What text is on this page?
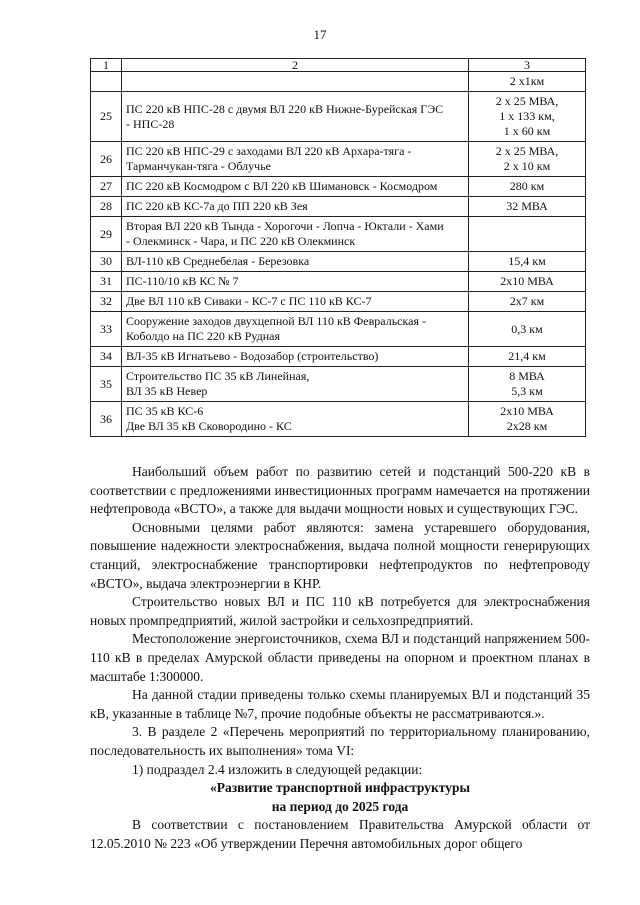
17
1	2	3

		2 х1км

25	ПС 220 кВ НПС-28 с двумя ВЛ 220 кВ Нижне-Бурейская ГЭС
- НПС-28	2 х 25 МВА,
1 х 133 км,
1 х 60 км

26	ПС 220 кВ НПС-29 с заходами ВЛ 220 кВ Архара-тяга -
Тарманчукан-тяга - Облучье	2 х 25 МВА,
2 х 10 км

27	ПС 220 кВ Космодром с ВЛ 220 кВ Шимановск - Космодром	280 км

28	ПС 220 кВ КС-7а до ПП 220 кВ Зея	32 МВА

29	Вторая ВЛ 220 кВ Тында - Хорогочи - Лопча - Юктали - Хами
- Олекминск - Чара, и ПС 220 кВ Олекминск	

30	ВЛ-110 кВ Среднебелая - Березовка	15,4 км

31	ПС-110/10 кВ КС № 7	2х10 МВА

32	Две ВЛ 110 кВ Сиваки - КС-7 с ПС 110 кВ КС-7	2х7 км

33	Сооружение заходов двухцепной ВЛ 110 кВ Февральская -
Коболдо на ПС 220 кВ Рудная	0,3 км

34	ВЛ-35 кВ Игнатьево - Водозабор (строительство)	21,4 км

35	Строительство ПС 35 кВ Линейная,
ВЛ 35 кВ Невер	8 МВА
5,3 км

36	ПС 35 кВ КС-6
Две ВЛ 35 кВ Сковородино - КС	2х10 МВА
2х28 км

Наибольший объем работ по развитию сетей и подстанций 500-220 кВ в соответствии с предложениями инвестиционных программ намечается на протяжении нефтепровода «ВСТО», а также для выдачи мощности новых и существующих ГЭС.

Основными целями работ являются: замена устаревшего оборудования, повышение надежности электроснабжения, выдача полной мощности генерирующих станций, электроснабжение транспортировки нефтепродуктов по нефтепроводу «ВСТО», выдача электроэнергии в КНР.

Строительство новых ВЛ и ПС 110 кВ потребуется для электроснабжения новых промпредприятий, жилой застройки и сельхозпредприятий.

Местоположение энергоисточников, схема ВЛ и подстанций напряжением 500-110 кВ в пределах Амурской области приведены на опорном и проектном планах в масштабе 1:300000.

На данной стадии приведены только схемы планируемых ВЛ и подстанций 35 кВ, указанные в таблице №7, прочие подобные объекты не рассматриваются.».

3. В разделе 2 «Перечень мероприятий по территориальному планированию, последовательность их выполнения» тома VI:

1) подраздел 2.4 изложить в следующей редакции:

«Развитие транспортной инфраструктуры

на период до 2025 года

В соответствии с постановлением Правительства Амурской области от 12.05.2010 № 223 «Об утверждении Перечня автомобильных дорог общего
